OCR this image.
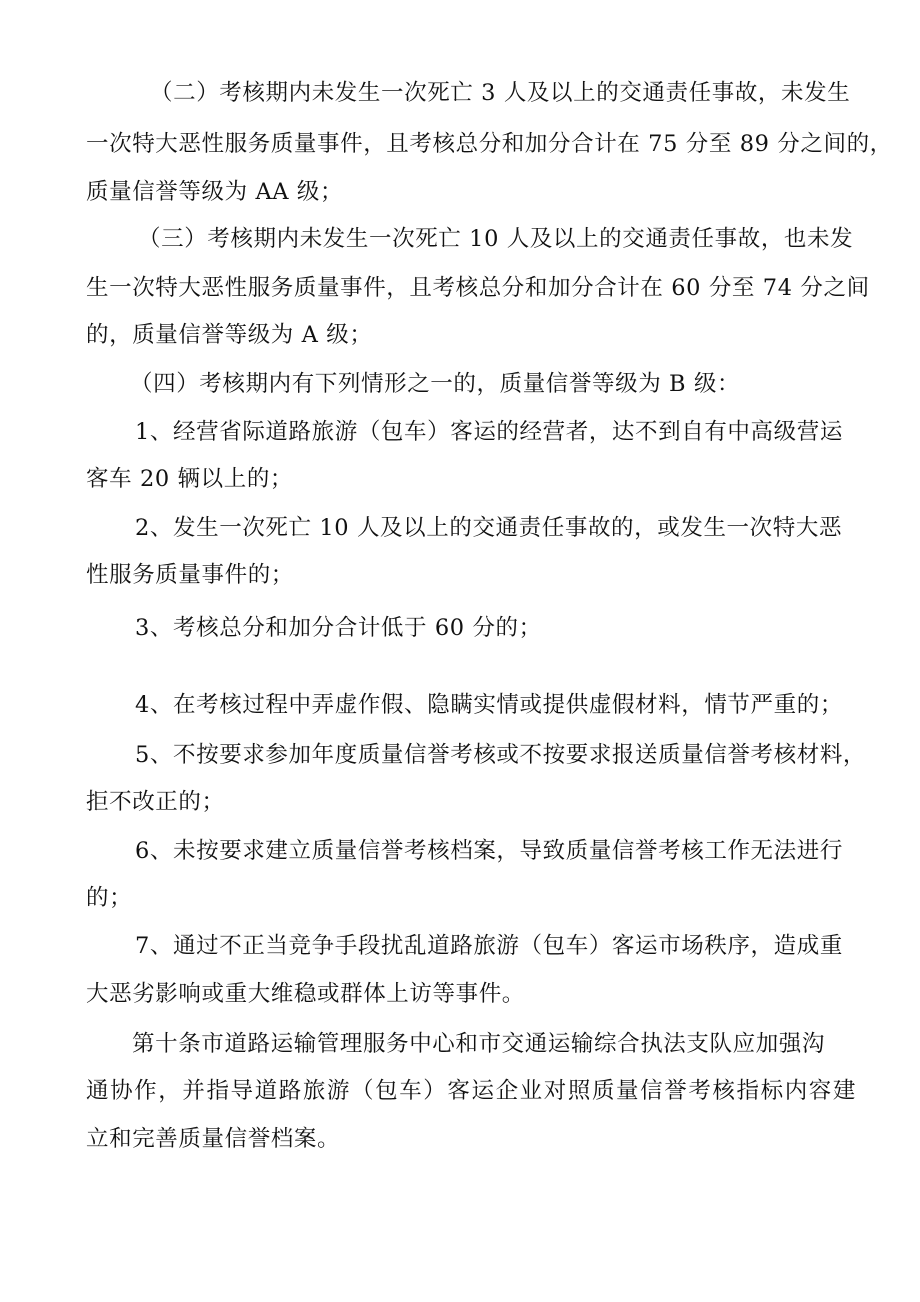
（二）考核期内未发生一次死亡 3 人及以上的交通责任事故，未发生
一次特大恶性服务质量事件，且考核总分和加分合计在 75 分至 89 分之间的，
质量信誉等级为 AA 级；
（三）考核期内未发生一次死亡 10 人及以上的交通责任事故，也未发
生一次特大恶性服务质量事件，且考核总分和加分合计在 60 分至 74 分之间
的，质量信誉等级为 A 级；
（四）考核期内有下列情形之一的，质量信誉等级为 B 级：
1、经营省际道路旅游（包车）客运的经营者，达不到自有中高级营运
客车 20 辆以上的；
2、发生一次死亡 10 人及以上的交通责任事故的，或发生一次特大恶
性服务质量事件的；
3、考核总分和加分合计低于 60 分的；
4、在考核过程中弄虚作假、隐瞒实情或提供虚假材料，情节严重的；
5、不按要求参加年度质量信誉考核或不按要求报送质量信誉考核材料，
拒不改正的；
6、未按要求建立质量信誉考核档案，导致质量信誉考核工作无法进行
的；
7、通过不正当竞争手段扰乱道路旅游（包车）客运市场秩序，造成重
大恶劣影响或重大维稳或群体上访等事件。
第十条市道路运输管理服务中心和市交通运输综合执法支队应加强沟
通协作，并指导道路旅游（包车）客运企业对照质量信誉考核指标内容建
立和完善质量信誉档案。
